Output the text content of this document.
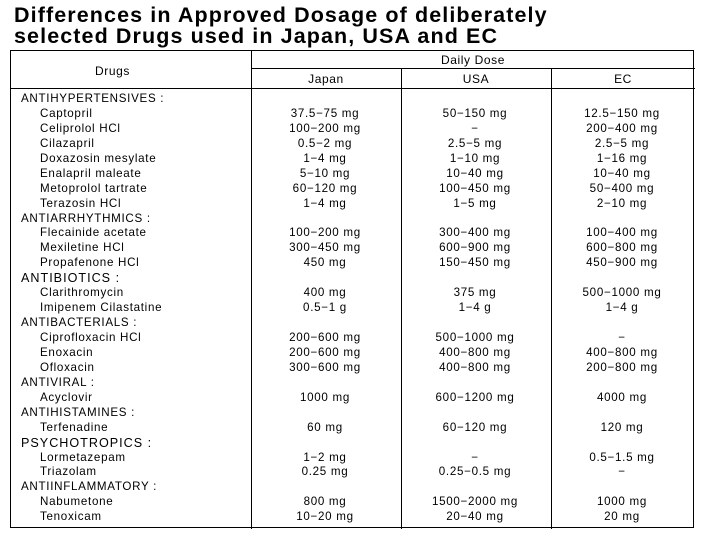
Differences in Approved Dosage of deliberately
selected Drugs used in Japan, USA and EC
Drugs
Daily Dose
Japan	USA	EC
ANTIHYPERTENSIVES :
Captopril	37.5−75 mg	50−150 mg	12.5−150 mg
Celiprolol HCl	100−200 mg	−	200−400 mg
Cilazapril	0.5−2 mg	2.5−5 mg	2.5−5 mg
Doxazosin mesylate	1−4 mg	1−10 mg	1−16 mg
Enalapril maleate	5−10 mg	10−40 mg	10−40 mg
Metoprolol tartrate	60−120 mg	100−450 mg	50−400 mg
Terazosin HCl	1−4 mg	1−5 mg	2−10 mg
ANTIARRHYTHMICS :
Flecainide acetate	100−200 mg	300−400 mg	100−400 mg
Mexiletine HCl	300−450 mg	600−900 mg	600−800 mg
Propafenone HCl	450 mg	150−450 mg	450−900 mg
ANTIBIOTICS :
Clarithromycin	400 mg	375 mg	500−1000 mg
Imipenem Cilastatine	0.5−1 g	1−4 g	1−4 g
ANTIBACTERIALS :
Ciprofloxacin HCl	200−600 mg	500−1000 mg	−
Enoxacin	200−600 mg	400−800 mg	400−800 mg
Ofloxacin	300−600 mg	400−800 mg	200−800 mg
ANTIVIRAL :
Acyclovir	1000 mg	600−1200 mg	4000 mg
ANTIHISTAMINES :
Terfenadine	60 mg	60−120 mg	120 mg
PSYCHOTROPICS :
Lormetazepam	1−2 mg	−	0.5−1.5 mg
Triazolam	0.25 mg	0.25−0.5 mg	−
ANTIINFLAMMATORY :
Nabumetone	800 mg	1500−2000 mg	1000 mg
Tenoxicam	10−20 mg	20−40 mg	20 mg
